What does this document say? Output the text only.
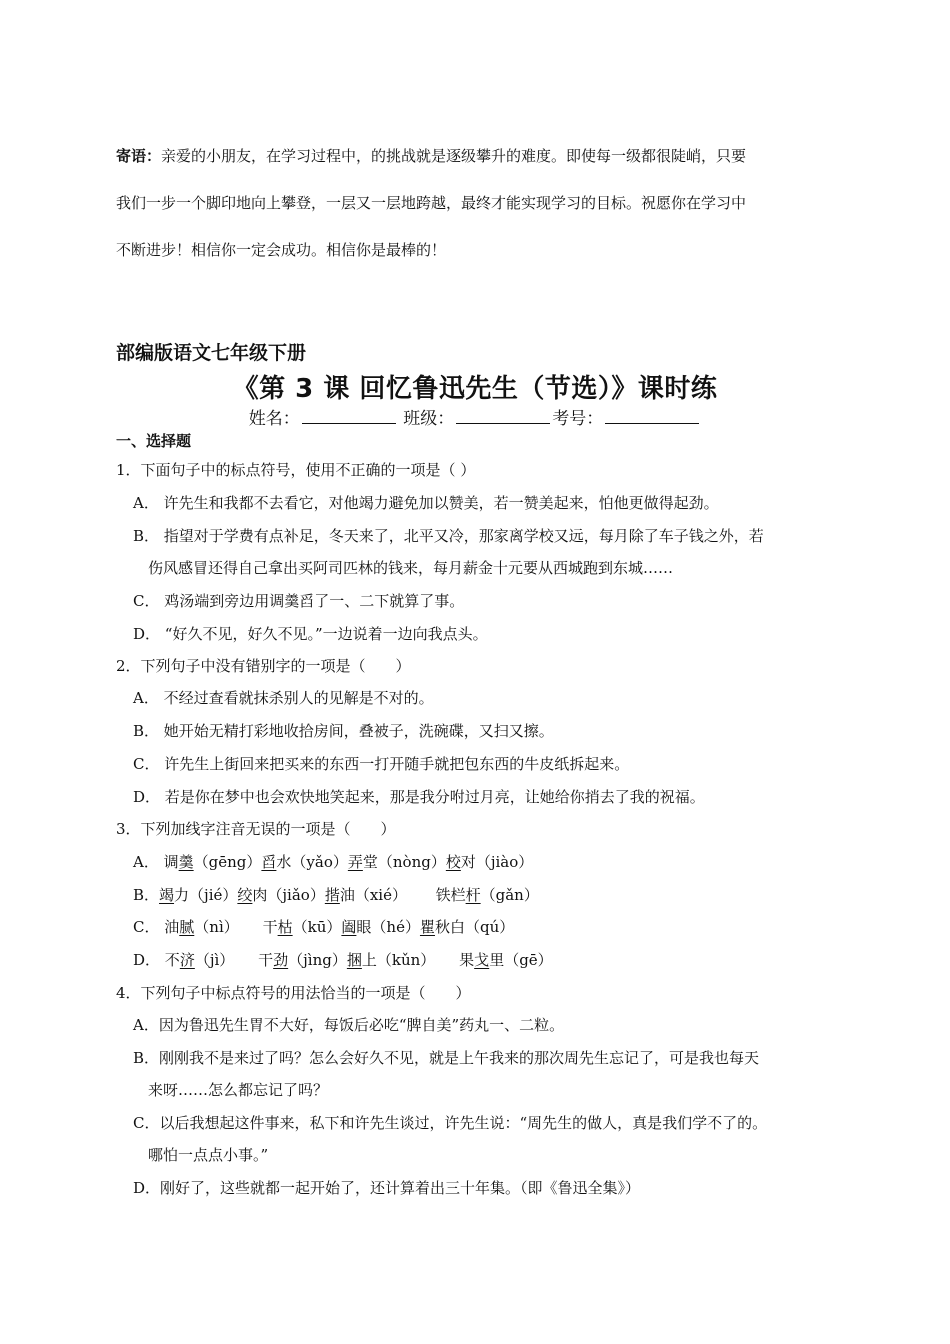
寄语：亲爱的小朋友，在学习过程中，的挑战就是逐级攀升的难度。即使每一级都很陡峭，只要
我们一步一个脚印地向上攀登，一层又一层地跨越，最终才能实现学习的目标。祝愿你在学习中
不断进步！相信你一定会成功。相信你是最棒的！
部编版语文七年级下册
《第 3 课 回忆鲁迅先生（节选）》课时练
姓名：	班级：	考号：
一、选择题
1．下面句子中的标点符号，使用不正确的一项是（ ）
A． 许先生和我都不去看它，对他竭力避免加以赞美，若一赞美起来，怕他更做得起劲。
B． 指望对于学费有点补足，冬天来了，北平又冷，那家离学校又远，每月除了车子钱之外，若
伤风感冒还得自己拿出买阿司匹林的钱来，每月薪金十元要从西城跑到东城……
C． 鸡汤端到旁边用调羹舀了一、二下就算了事。
D． “好久不见，好久不见。”一边说着一边向我点头。
2．下列句子中没有错别字的一项是（　　）
A． 不经过查看就抹杀别人的见解是不对的。
B． 她开始无精打彩地收拾房间，叠被子，洗碗碟，又扫又擦。
C． 许先生上街回来把买来的东西一打开随手就把包东西的牛皮纸拆起来。
D． 若是你在梦中也会欢快地笑起来，那是我分咐过月亮，让她给你捎去了我的祝福。
3．下列加线字注音无误的一项是（　　）
A． 调羹（gēng）舀水（yǎo）弄堂（nòng）校对（jiào）
B．竭力（jié）绞肉（jiǎo）揩油（xié） 铁栏杆（gǎn）
C． 油腻（nì） 干枯（kū）阖眼（hé）瞿秋白（qú）
D． 不济（jì） 干劲（jìng）捆上（kǔn） 果戈里（gē）
4．下列句子中标点符号的用法恰当的一项是（　　）
A．因为鲁迅先生胃不大好，每饭后必吃“脾自美”药丸一、二粒。
B．刚刚我不是来过了吗？怎么会好久不见，就是上午我来的那次周先生忘记了，可是我也每天
来呀……怎么都忘记了吗？
C．以后我想起这件事来，私下和许先生谈过，许先生说：“周先生的做人，真是我们学不了的。
哪怕一点点小事。”
D．刚好了，这些就都一起开始了，还计算着出三十年集。（即《鲁迅全集》）
